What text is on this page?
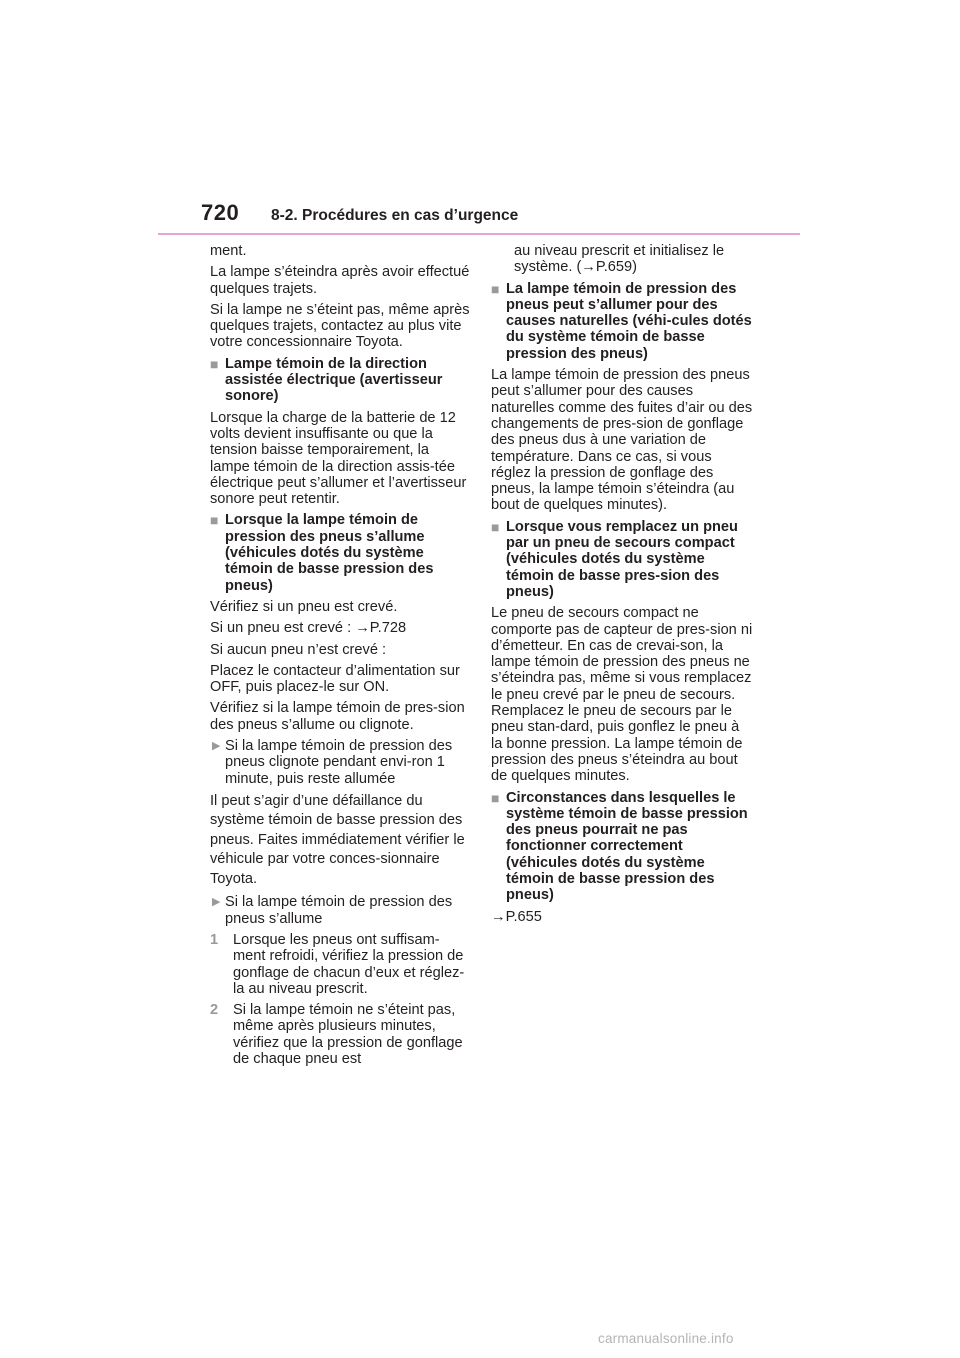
720 8-2. Procédures en cas d’urgence
ment.
La lampe s’éteindra après avoir effectué quelques trajets.
Si la lampe ne s’éteint pas, même après quelques trajets, contactez au plus vite votre concessionnaire Toyota.
■ Lampe témoin de la direction assistée électrique (avertisseur sonore)
Lorsque la charge de la batterie de 12 volts devient insuffisante ou que la tension baisse temporairement, la lampe témoin de la direction assis-tée électrique peut s’allumer et l’avertisseur sonore peut retentir.
■ Lorsque la lampe témoin de pression des pneus s’allume (véhicules dotés du système témoin de basse pression des pneus)
Vérifiez si un pneu est crevé.
Si un pneu est crevé : →P.728
Si aucun pneu n’est crevé :
Placez le contacteur d’alimentation sur OFF, puis placez-le sur ON.
Vérifiez si la lampe témoin de pres-sion des pneus s’allume ou clignote.
▶ Si la lampe témoin de pression des pneus clignote pendant envi-ron 1 minute, puis reste allumée
Il peut s’agir d’une défaillance du système témoin de basse pression des pneus. Faites immédiatement vérifier le véhicule par votre conces-sionnaire Toyota.
▶ Si la lampe témoin de pression des pneus s’allume
1 Lorsque les pneus ont suffisam-ment refroidi, vérifiez la pression de gonflage de chacun d’eux et réglez-la au niveau prescrit.
2 Si la lampe témoin ne s’éteint pas, même après plusieurs minutes, vérifiez que la pression de gonflage de chaque pneu est
au niveau prescrit et initialisez le système. (→P.659)
■ La lampe témoin de pression des pneus peut s’allumer pour des causes naturelles (véhi-cules dotés du système témoin de basse pression des pneus)
La lampe témoin de pression des pneus peut s’allumer pour des causes naturelles comme des fuites d’air ou des changements de pres-sion de gonflage des pneus dus à une variation de température. Dans ce cas, si vous réglez la pression de gonflage des pneus, la lampe témoin s’éteindra (au bout de quelques minutes).
■ Lorsque vous remplacez un pneu par un pneu de secours compact (véhicules dotés du système témoin de basse pres-sion des pneus)
Le pneu de secours compact ne comporte pas de capteur de pres-sion ni d’émetteur. En cas de crevai-son, la lampe témoin de pression des pneus ne s’éteindra pas, même si vous remplacez le pneu crevé par le pneu de secours. Remplacez le pneu de secours par le pneu stan-dard, puis gonflez le pneu à la bonne pression. La lampe témoin de pression des pneus s’éteindra au bout de quelques minutes.
■ Circonstances dans lesquelles le système témoin de basse pression des pneus pourrait ne pas fonctionner correctement (véhicules dotés du système témoin de basse pression des pneus)
→P.655
carmanualsonline.info
